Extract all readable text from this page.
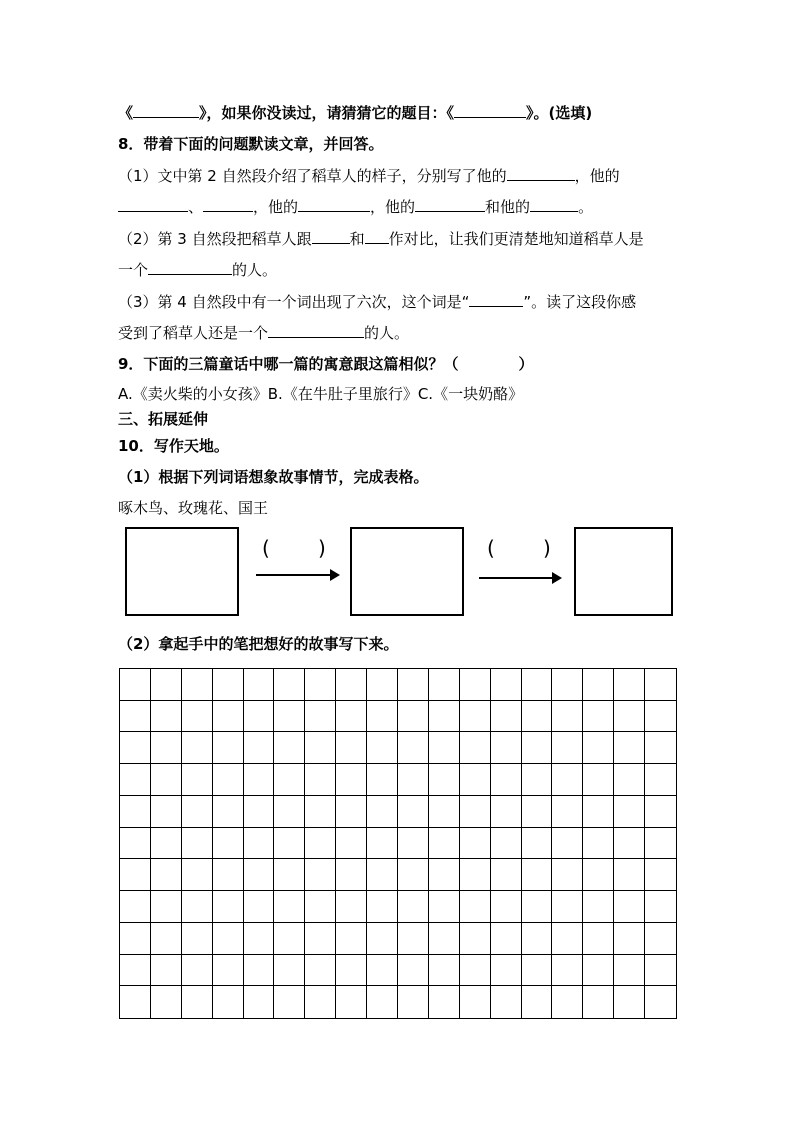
《	》，如果你没读过，请猜猜它的题目：《	》。(选填)
8．带着下面的问题默读文章，并回答。
（1）文中第 2 自然段介绍了稻草人的样子，分别写了他的	，他的
、	，他的	，他的	和他的	。
（2）第 3 自然段把稻草人跟	和 作对比，让我们更清楚地知道稻草人是
一个	的人。
（3）第 4 自然段中有一个词出现了六次，这个词是“	”。读了这段你感
受到了稻草人还是一个	的人。
9．下面的三篇童话中哪一篇的寓意跟这篇相似？（	）
A.《卖火柴的小女孩》B.《在牛肚子里旅行》C.《一块奶酪》
三、拓展延伸
10．写作天地。
（1）根据下列词语想象故事情节，完成表格。
啄木鸟、玫瑰花、国王
( )	( )
（2）拿起手中的笔把想好的故事写下来。
